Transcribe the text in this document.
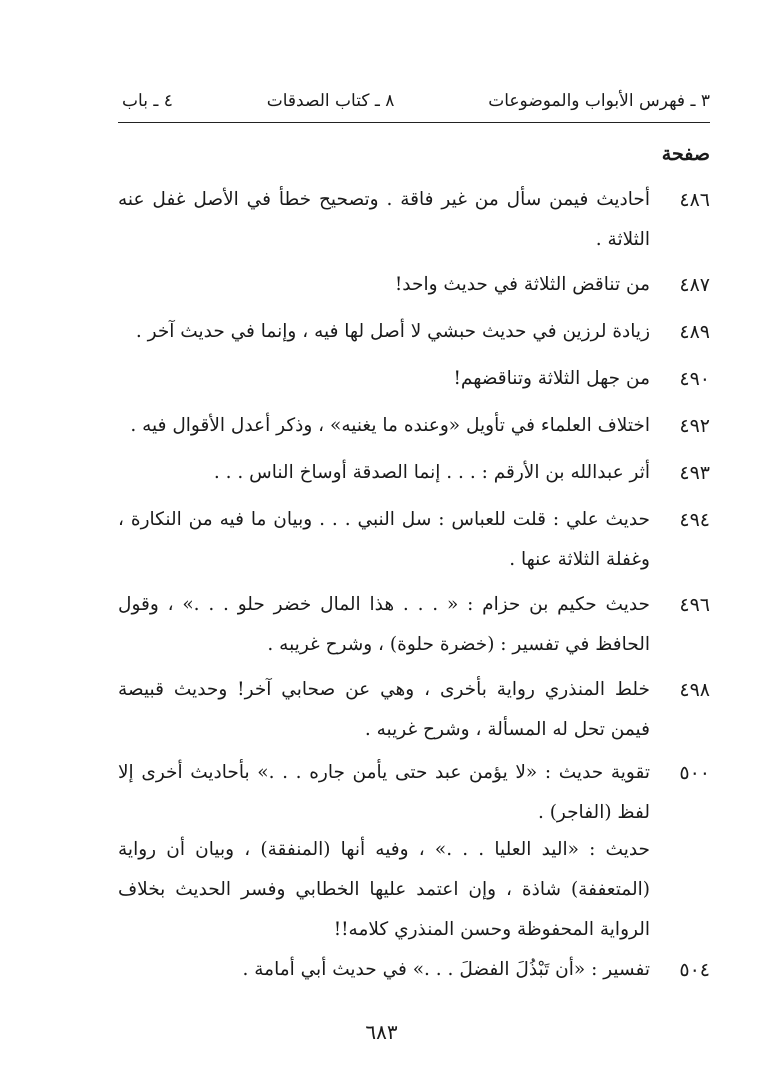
٣ ـ فهرس الأبواب والموضوعات
٨ ـ كتاب الصدقات
٤ ـ باب
صفحة
٤٨٦
أحاديث فيمن سأل من غير فاقة . وتصحيح خطأ في الأصل غفل عنه الثلاثة .
٤٨٧
من تناقض الثلاثة في حديث واحد!
٤٨٩
زيادة لرزين في حديث حبشي لا أصل لها فيه ، وإنما في حديث آخر .
٤٩٠
من جهل الثلاثة وتناقضهم!
٤٩٢
اختلاف العلماء في تأويل «وعنده ما يغنيه» ، وذكر أعدل الأقوال فيه .
٤٩٣
أثر عبدالله بن الأرقم : . . . إنما الصدقة أوساخ الناس . . .
٤٩٤
حديث علي : قلت للعباس : سل النبي . . . وبيان ما فيه من النكارة ، وغفلة الثلاثة عنها .
٤٩٦
حديث حكيم بن حزام : « . . . هذا المال خضر حلو . . .» ، وقول الحافظ في تفسير : (خضرة حلوة) ، وشرح غريبه .
٤٩٨
خلط المنذري رواية بأخرى ، وهي عن صحابي آخر! وحديث قبيصة فيمن تحل له المسألة ، وشرح غريبه .
٥٠٠
تقوية حديث : «لا يؤمن عبد حتى يأمن جاره . . .» بأحاديث أخرى إلا لفظ (الفاجر) .
حديث : «اليد العليا . . .» ، وفيه أنها (المنفقة) ، وبيان أن رواية (المتعففة) شاذة ، وإن اعتمد عليها الخطابي وفسر الحديث بخلاف الرواية المحفوظة وحسن المنذري كلامه!!
٥٠٤
تفسير : «أن تَبْذُلَ الفضلَ . . .» في حديث أبي أمامة .
٦٨٣
